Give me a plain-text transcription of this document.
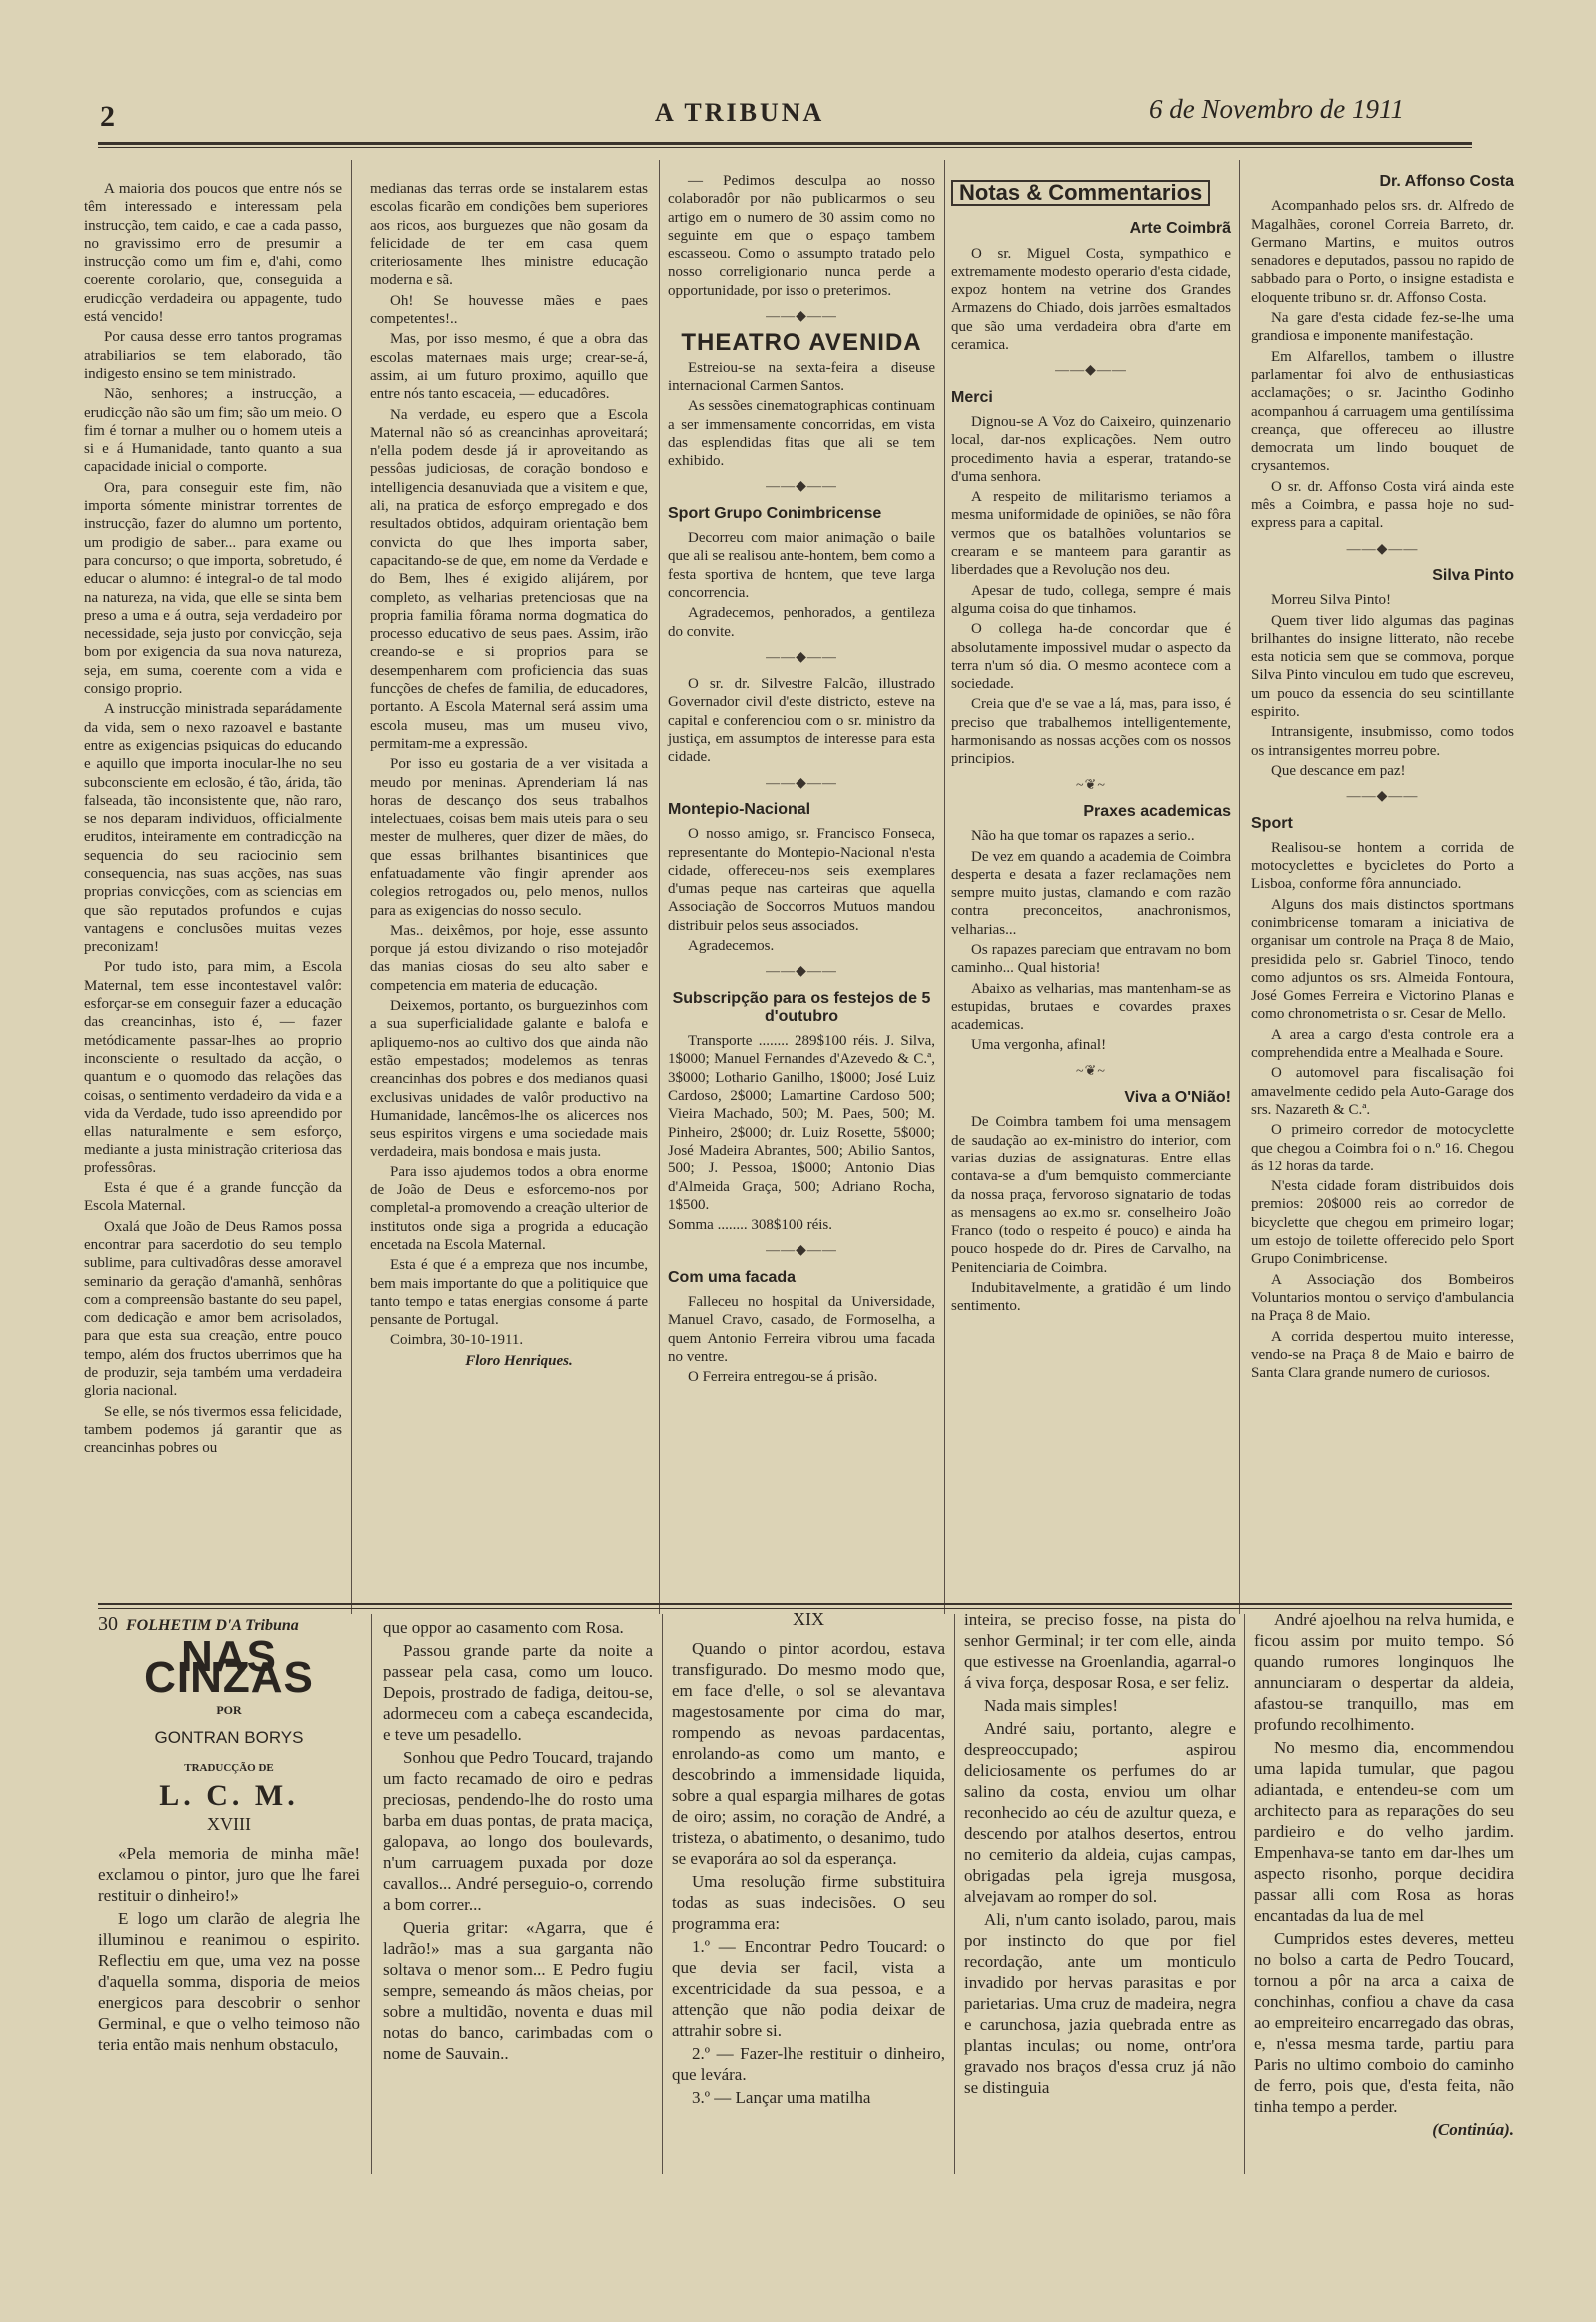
2	A TRIBUNA	6 de Novembro de 1911

A maioria dos poucos que entre nós se têm interessado e interessam pela instrucção, tem caido, e cae a cada passo, no gravissimo erro de presumir a instrucção como um fim e, d'ahi, como coerente corolario, que, conseguida a erudicção verdadeira ou appagente, tudo está vencido!

Por causa desse erro tantos programas atrabiliarios se tem elaborado, tão indigesto ensino se tem ministrado.

Não, senhores; a instrucção, a erudicção não são um fim; são um meio. O fim é tornar a mulher ou o homem uteis a si e á Humanidade, tanto quanto a sua capacidade inicial o comporte.

Ora, para conseguir este fim, não importa sómente ministrar torrentes de instrucção, fazer do alumno um portento, um prodigio de saber... para exame ou para concurso; o que importa, sobretudo, é educar o alumno: é integral-o de tal modo na natureza, na vida, que elle se sinta bem preso a uma e á outra, seja verdadeiro por necessidade, seja justo por convicção, seja bom por exigencia da sua nova natureza, seja, em suma, coerente com a vida e consigo proprio.

A instrucção ministrada separádamente da vida, sem o nexo razoavel e bastante entre as exigencias psiquicas do educando e aquillo que importa inocular-lhe no seu subconsciente em eclosão, é tão, árida, tão falseada, tão inconsistente que, não raro, se nos deparam individuos, officialmente eruditos, inteiramente em contradicção na sequencia do seu raciocinio sem consequencia, nas suas acções, nas suas proprias convicções, com as sciencias em que são reputados profundos e cujas vantagens e conclusões muitas vezes preconizam!

Por tudo isto, para mim, a Escola Maternal, tem esse incontestavel valôr: esforçar-se em conseguir fazer a educação das creancinhas, isto é, — fazer metódicamente passar-lhes ao proprio inconsciente o resultado da acção, o quantum e o quomodo das relações das coisas, o sentimento verdadeiro da vida e a vida da Verdade, tudo isso apreendido por ellas naturalmente e sem esforço, mediante a justa ministração criteriosa das professôras.

Esta é que é a grande funcção da Escola Maternal.

Oxalá que João de Deus Ramos possa encontrar para sacerdotio do seu templo sublime, para cultivadôras desse amoravel seminario da geração d'amanhã, senhôras com a compreensão bastante do seu papel, com dedicação e amor bem acrisolados, para que esta sua creação, entre pouco tempo, além dos fructos uberrimos que ha de produzir, seja também uma verdadeira gloria nacional.

Se elle, se nós tivermos essa felicidade, tambem podemos já garantir que as creancinhas pobres ou

medianas das terras orde se instalarem estas escolas ficarão em condições bem superiores aos ricos, aos burguezes que não gosam da felicidade de ter em casa quem criteriosamente lhes ministre educação moderna e sã.

Oh! Se houvesse mães e paes competentes!..

Mas, por isso mesmo, é que a obra das escolas maternaes mais urge; crear-se-á, assim, ai um futuro proximo, aquillo que entre nós tanto escaceia, — educadôres.

Na verdade, eu espero que a Escola Maternal não só as creancinhas aproveitará; n'ella podem desde já ir aproveitando as pessôas judiciosas, de coração bondoso e intelligencia desanuviada que a visitem e que, ali, na pratica de esforço empregado e dos resultados obtidos, adquiram orientação bem convicta do que lhes importa saber, capacitando-se de que, em nome da Verdade e do Bem, lhes é exigido alijárem, por completo, as velharias pretenciosas que na propria familia fôrama norma dogmatica do processo educativo de seus paes. Assim, irão creando-se e si proprios para se desempenharem com proficiencia das suas funcções de chefes de familia, de educadores, portanto. A Escola Maternal será assim uma escola museu, mas um museu vivo, permitam-me a expressão.

Por isso eu gostaria de a ver visitada a meudo por meninas. Aprenderiam lá nas horas de descanço dos seus trabalhos intelectuaes, coisas bem mais uteis para o seu mester de mulheres, quer dizer de mães, do que essas brilhantes bisantinices que enfatuadamente vão fingir aprender aos colegios retrogados ou, pelo menos, nullos para as exigencias do nosso seculo.

Mas.. deixêmos, por hoje, esse assunto porque já estou divizando o riso motejadôr das manias ciosas do seu alto saber e competencia em materia de educação.

Deixemos, portanto, os burguezinhos com a sua superficialidade galante e balofa e apliquemo-nos ao cultivo dos que ainda não estão empestados; modelemos as tenras creancinhas dos pobres e dos medianos quasi exclusivas unidades de valôr productivo na Humanidade, lancêmos-lhe os alicerces nos seus espiritos virgens e uma sociedade mais verdadeira, mais bondosa e mais justa.

Para isso ajudemos todos a obra enorme de João de Deus e esforcemo-nos por completal-a promovendo a creação ulterior de institutos onde siga a progrida a educação encetada na Escola Maternal.

Esta é que é a empreza que nos incumbe, bem mais importante do que a politiquice que tanto tempo e tatas energias consome á parte pensante de Portugal.

Coimbra, 30-10-1911.

Floro Henriques.

— Pedimos desculpa ao nosso colaboradôr por não publicarmos o seu artigo em o numero de 30 assim como no seguinte em que o espaço tambem escasseou. Como o assumpto tratado pelo nosso correligionario nunca perde a opportunidade, por isso o preterimos.

——◆——
THEATRO AVENIDA

Estreiou-se na sexta-feira a diseuse internacional Carmen Santos.

As sessões cinematographicas continuam a ser immensamente concorridas, em vista das esplendidas fitas que ali se tem exhibido.

——◆——
Sport Grupo Conimbricense

Decorreu com maior animação o baile que ali se realisou ante-hontem, bem como a festa sportiva de hontem, que teve larga concorrencia.

Agradecemos, penhorados, a gentileza do convite.

——◆——

O sr. dr. Silvestre Falcão, illustrado Governador civil d'este districto, esteve na capital e conferenciou com o sr. ministro da justiça, em assumptos de interesse para esta cidade.

——◆——
Montepio-Nacional

O nosso amigo, sr. Francisco Fonseca, representante do Montepio-Nacional n'esta cidade, offereceu-nos seis exemplares d'umas peque nas carteiras que aquella Associação de Soccorros Mutuos mandou distribuir pelos seus associados.

Agradecemos.

——◆——
Subscripção para os festejos de 5 d'outubro

Transporte ........ 289$100 réis. J. Silva, 1$000; Manuel Fernandes d'Azevedo & C.ª, 3$000; Lothario Ganilho, 1$000; José Luiz Cardoso, 2$000; Lamartine Cardoso 500; Vieira Machado, 500; M. Paes, 500; M. Pinheiro, 2$000; dr. Luiz Rosette, 5$000; José Madeira Abrantes, 500; Abilio Santos, 500; J. Pessoa, 1$000; Antonio Dias d'Almeida Graça, 500; Adriano Rocha, 1$500.

Somma ........ 308$100 réis.

——◆——
Com uma facada

Falleceu no hospital da Universidade, Manuel Cravo, casado, de Formoselha, a quem Antonio Ferreira vibrou uma facada no ventre.

O Ferreira entregou-se á prisão.

Notas & Commentarios
Arte Coimbrã

O sr. Miguel Costa, sympathico e extremamente modesto operario d'esta cidade, expoz hontem na vetrine dos Grandes Armazens do Chiado, dois jarrões esmaltados que são uma verdadeira obra d'arte em ceramica.

——◆——
Merci

Dignou-se A Voz do Caixeiro, quinzenario local, dar-nos explicações. Nem outro procedimento havia a esperar, tratando-se d'uma senhora.

A respeito de militarismo teriamos a mesma uniformidade de opiniões, se não fôra vermos que os batalhões voluntarios se crearam e se manteem para garantir as liberdades que a Revolução nos deu.

Apesar de tudo, collega, sempre é mais alguma coisa do que tinhamos.

O collega ha-de concordar que é absolutamente impossivel mudar o aspecto da terra n'um só dia. O mesmo acontece com a sociedade.

Creia que d'e se vae a lá, mas, para isso, é preciso que trabalhemos intelligentemente, harmonisando as nossas acções com os nossos principios.

~❦~
Praxes academicas

Não ha que tomar os rapazes a serio..

De vez em quando a academia de Coimbra desperta e desata a fazer reclamações nem sempre muito justas, clamando e com razão contra preconceitos, anachronismos, velharias...

Os rapazes pareciam que entravam no bom caminho... Qual historia!

Abaixo as velharias, mas mantenham-se as estupidas, brutaes e covardes praxes academicas.

Uma vergonha, afinal!

~❦~
Viva a O'Nião!

De Coimbra tambem foi uma mensagem de saudação ao ex-ministro do interior, com varias duzias de assignaturas. Entre ellas contava-se a d'um bemquisto commerciante da nossa praça, fervoroso signatario de todas as mensagens ao ex.mo sr. conselheiro João Franco (todo o respeito é pouco) e ainda ha pouco hospede do dr. Pires de Carvalho, na Penitenciaria de Coimbra.

Indubitavelmente, a gratidão é um lindo sentimento.

Dr. Affonso Costa

Acompanhado pelos srs. dr. Alfredo de Magalhães, coronel Correia Barreto, dr. Germano Martins, e muitos outros senadores e deputados, passou no rapido de sabbado para o Porto, o insigne estadista e eloquente tribuno sr. dr. Affonso Costa.

Na gare d'esta cidade fez-se-lhe uma grandiosa e imponente manifestação.

Em Alfarellos, tambem o illustre parlamentar foi alvo de enthusiasticas acclamações; o sr. Jacintho Godinho acompanhou á carruagem uma gentilíssima creança, que offereceu ao illustre democrata um lindo bouquet de crysantemos.

O sr. dr. Affonso Costa virá ainda este mês a Coimbra, e passa hoje no sud-express para a capital.

——◆——
Silva Pinto

Morreu Silva Pinto!

Quem tiver lido algumas das paginas brilhantes do insigne litterato, não recebe esta noticia sem que se commova, porque Silva Pinto vinculou em tudo que escreveu, um pouco da essencia do seu scintillante espirito.

Intransigente, insubmisso, como todos os intransigentes morreu pobre.

Que descance em paz!

——◆——
Sport

Realisou-se hontem a corrida de motocyclettes e bycicletes do Porto a Lisboa, conforme fôra annunciado.

Alguns dos mais distinctos sportmans conimbricense tomaram a iniciativa de organisar um controle na Praça 8 de Maio, presidida pelo sr. Gabriel Tinoco, tendo como adjuntos os srs. Almeida Fontoura, José Gomes Ferreira e Victorino Planas e como chronometrista o sr. Cesar de Mello.

A area a cargo d'esta controle era a comprehendida entre a Mealhada e Soure.

O automovel para fiscalisação foi amavelmente cedido pela Auto-Garage dos srs. Nazareth & C.ª.

O primeiro corredor de motocyclette que chegou a Coimbra foi o n.º 16. Chegou ás 12 horas da tarde.

N'esta cidade foram distribuidos dois premios: 20$000 reis ao corredor de bicyclette que chegou em primeiro logar; um estojo de toilette offerecido pelo Sport Grupo Conimbricense.

A Associação dos Bombeiros Voluntarios montou o serviço d'ambulancia na Praça 8 de Maio.

A corrida despertou muito interesse, vendo-se na Praça 8 de Maio e bairro de Santa Clara grande numero de curiosos.

30 FOLHETIM D'A Tribuna
NAS CINZAS
POR
GONTRAN BORYS
TRADUCÇÃO DE
L. C. M.
XVIII

«Pela memoria de minha mãe! exclamou o pintor, juro que lhe farei restituir o dinheiro!»

E logo um clarão de alegria lhe illuminou e reanimou o espirito. Reflectiu em que, uma vez na posse d'aquella somma, disporia de meios energicos para descobrir o senhor Germinal, e que o velho teimoso não teria então mais nenhum obstaculo,

que oppor ao casamento com Rosa.

Passou grande parte da noite a passear pela casa, como um louco. Depois, prostrado de fadiga, deitou-se, adormeceu com a cabeça escandecida, e teve um pesadello.

Sonhou que Pedro Toucard, trajando um facto recamado de oiro e pedras preciosas, pendendo-lhe do rosto uma barba em duas pontas, de prata maciça, galopava, ao longo dos boulevards, n'um carruagem puxada por doze cavallos... André perseguio-o, correndo a bom correr...

Queria gritar: «Agarra, que é ladrão!» mas a sua garganta não soltava o menor som... E Pedro fugiu sempre, semeando ás mãos cheias, por sobre a multidão, noventa e duas mil notas do banco, carimbadas com o nome de Sauvain..

XIX

Quando o pintor acordou, estava transfigurado. Do mesmo modo que, em face d'elle, o sol se alevantava magestosamente por cima do mar, rompendo as nevoas pardacentas, enrolando-as como um manto, e descobrindo a immensidade liquida, sobre a qual espargia milhares de gotas de oiro; assim, no coração de André, a tristeza, o abatimento, o desanimo, tudo se evaporára ao sol da esperança.

Uma resolução firme substituira todas as suas indecisões. O seu programma era:

1.º — Encontrar Pedro Toucard: o que devia ser facil, vista a excentricidade da sua pessoa, e a attenção que não podia deixar de attrahir sobre si.

2.º — Fazer-lhe restituir o dinheiro, que levára.

3.º — Lançar uma matilha

inteira, se preciso fosse, na pista do senhor Germinal; ir ter com elle, ainda que estivesse na Groenlandia, agarral-o á viva força, desposar Rosa, e ser feliz.

Nada mais simples!

André saiu, portanto, alegre e despreoccupado; aspirou deliciosamente os perfumes do ar salino da costa, enviou um olhar reconhecido ao céu de azultur queza, e descendo por atalhos desertos, entrou no cemiterio da aldeia, cujas campas, obrigadas pela igreja musgosa, alvejavam ao romper do sol.

Ali, n'um canto isolado, parou, mais por instincto do que por fiel recordação, ante um monticulo invadido por hervas parasitas e por parietarias. Uma cruz de madeira, negra e carunchosa, jazia quebrada entre as plantas inculas; ou nome, ontr'ora gravado nos braços d'essa cruz já não se distinguia

André ajoelhou na relva humida, e ficou assim por muito tempo. Só quando rumores longinquos lhe annunciaram o despertar da aldeia, afastou-se tranquillo, mas em profundo recolhimento.

No mesmo dia, encommendou uma lapida tumular, que pagou adiantada, e entendeu-se com um architecto para as reparações do seu pardieiro e do velho jardim. Empenhava-se tanto em dar-lhes um aspecto risonho, porque decidira passar alli com Rosa as horas encantadas da lua de mel

Cumpridos estes deveres, metteu no bolso a carta de Pedro Toucard, tornou a pôr na arca a caixa de conchinhas, confiou a chave da casa ao empreiteiro encarregado das obras, e, n'essa mesma tarde, partiu para Paris no ultimo comboio do caminho de ferro, pois que, d'esta feita, não tinha tempo a perder.

(Continúa).
